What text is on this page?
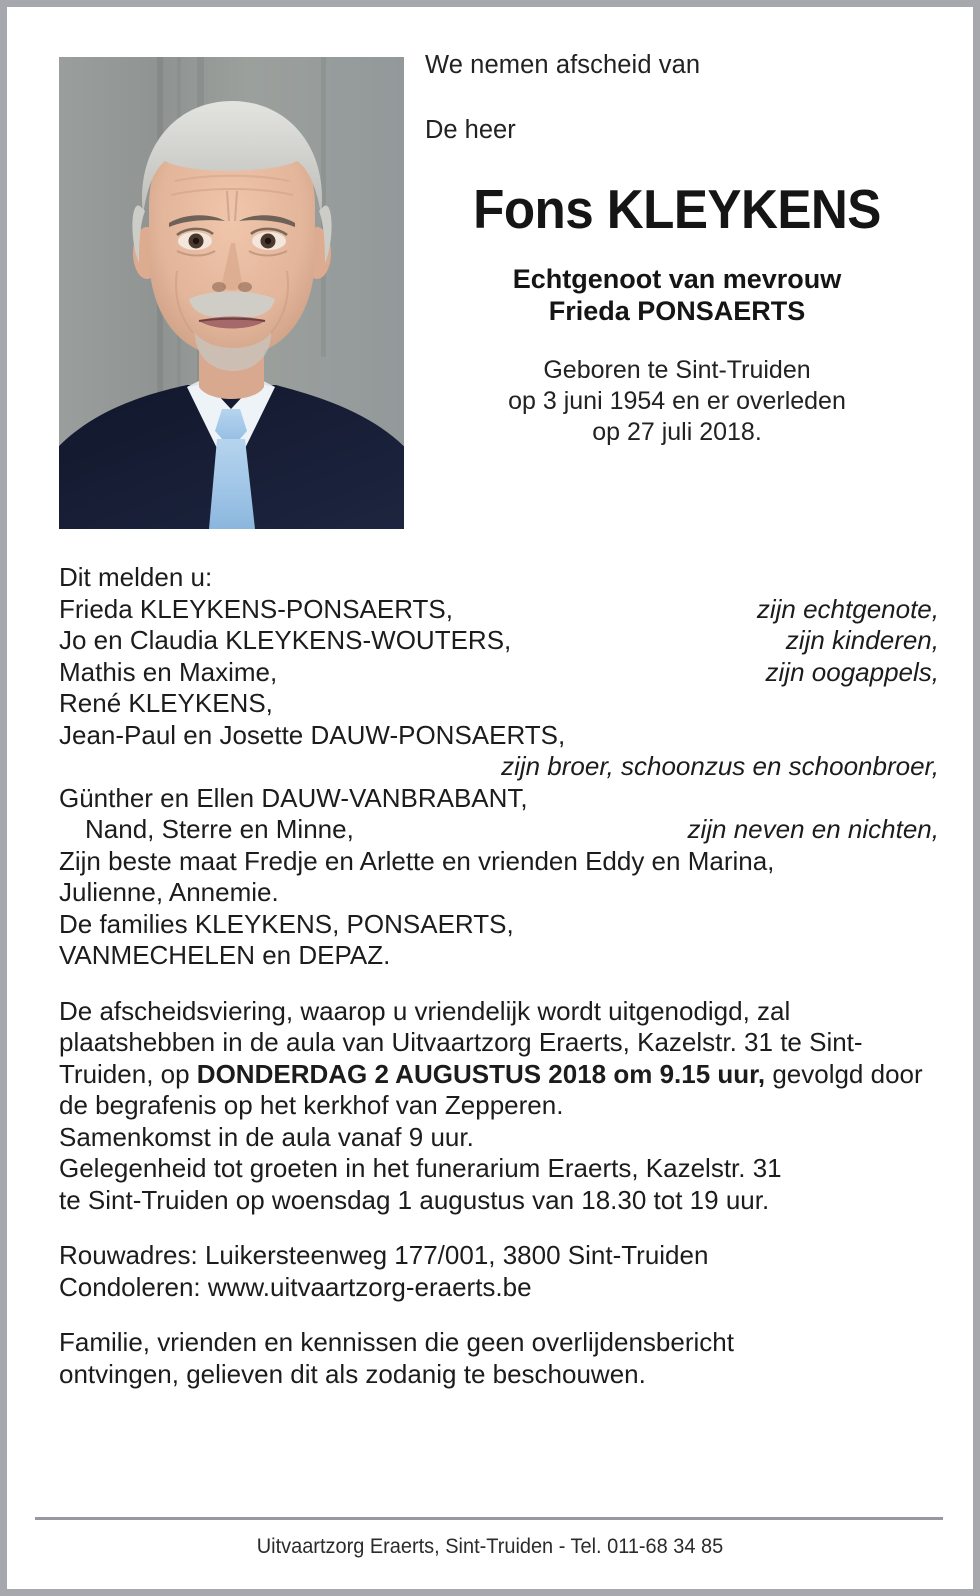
We nemen afscheid van
De heer
Fons KLEYKENS
Echtgenoot van mevrouw
Frieda PONSAERTS
Geboren te Sint-Truiden
op 3 juni 1954 en er overleden
op 27 juli 2018.
Dit melden u:
Frieda KLEYKENS-PONSAERTS,	zijn echtgenote,
Jo en Claudia KLEYKENS-WOUTERS,	zijn kinderen,
Mathis en Maxime,	zijn oogappels,
René KLEYKENS,
Jean-Paul en Josette DAUW-PONSAERTS,
zijn broer, schoonzus en schoonbroer,
Günther en Ellen DAUW-VANBRABANT,
Nand, Sterre en Minne,	zijn neven en nichten,
Zijn beste maat Fredje en Arlette en vrienden Eddy en Marina,
Julienne, Annemie.
De families KLEYKENS, PONSAERTS,
VANMECHELEN en DEPAZ.
De afscheidsviering, waarop u vriendelijk wordt uitgenodigd, zal plaatshebben in de aula van Uitvaartzorg Eraerts, Kazelstr. 31 te Sint-Truiden, op DONDERDAG 2 AUGUSTUS 2018 om 9.15 uur, gevolgd door de begrafenis op het kerkhof van Zepperen.
Samenkomst in de aula vanaf 9 uur.
Gelegenheid tot groeten in het funerarium Eraerts, Kazelstr. 31
te Sint-Truiden op woensdag 1 augustus van 18.30 tot 19 uur.
Rouwadres: Luikersteenweg 177/001, 3800 Sint-Truiden
Condoleren: www.uitvaartzorg-eraerts.be
Familie, vrienden en kennissen die geen overlijdensbericht
ontvingen, gelieven dit als zodanig te beschouwen.
Uitvaartzorg Eraerts, Sint-Truiden - Tel. 011-68 34 85
